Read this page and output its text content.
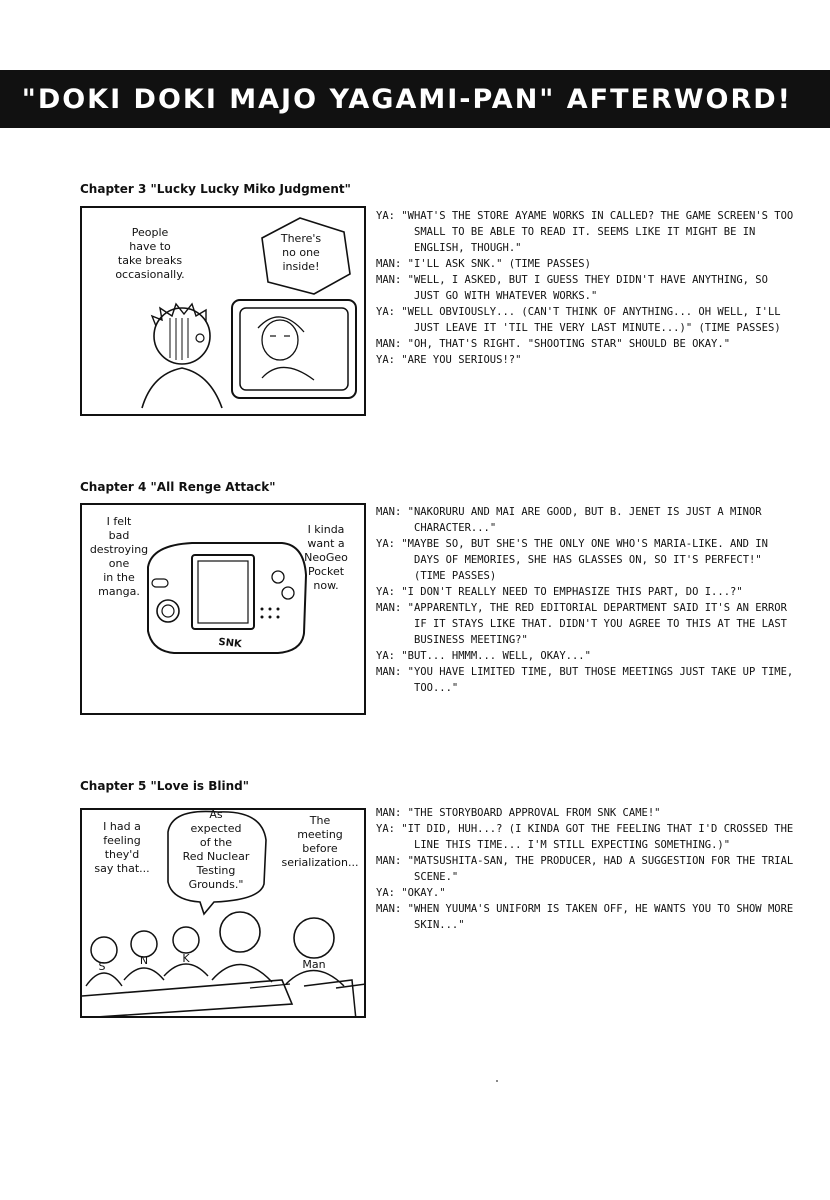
"DOKI DOKI MAJO YAGAMI-PAN" AFTERWORD!
Chapter 3 "Lucky Lucky Miko Judgment"
People
have to
take breaks
occasionally.
There's
no one
inside!
YA: "WHAT'S THE STORE AYAME WORKS IN CALLED? THE GAME SCREEN'S TOO SMALL TO BE ABLE TO READ IT. SEEMS LIKE IT MIGHT BE IN ENGLISH, THOUGH."
MAN: "I'LL ASK SNK." (TIME PASSES)
MAN: "WELL, I ASKED, BUT I GUESS THEY DIDN'T HAVE ANYTHING, SO JUST GO WITH WHATEVER WORKS."
YA: "WELL OBVIOUSLY... (CAN'T THINK OF ANYTHING... OH WELL, I'LL JUST LEAVE IT 'TIL THE VERY LAST MINUTE...)" (TIME PASSES)
MAN: "OH, THAT'S RIGHT. "SHOOTING STAR" SHOULD BE OKAY."
YA: "ARE YOU SERIOUS!?"
Chapter 4 "All Renge Attack"
I felt
bad
destroying
one
in the
manga.
I kinda
want a
NeoGeo
Pocket
now.
SNK
MAN: "NAKORURU AND MAI ARE GOOD, BUT B. JENET IS JUST A MINOR CHARACTER..."
YA: "MAYBE SO, BUT SHE'S THE ONLY ONE WHO'S MARIA-LIKE. AND IN DAYS OF MEMORIES, SHE HAS GLASSES ON, SO IT'S PERFECT!" (TIME PASSES)
YA: "I DON'T REALLY NEED TO EMPHASIZE THIS PART, DO I...?"
MAN: "APPARENTLY, THE RED EDITORIAL DEPARTMENT SAID IT'S AN ERROR IF IT STAYS LIKE THAT. DIDN'T YOU AGREE TO THIS AT THE LAST BUSINESS MEETING?"
YA: "BUT... HMMM... WELL, OKAY..."
MAN: "YOU HAVE LIMITED TIME, BUT THOSE MEETINGS JUST TAKE UP TIME, TOO..."
Chapter 5 "Love is Blind"
I had a
feeling
they'd
say that...
As
expected
of the
Red Nuclear
Testing
Grounds."
The
meeting
before
serialization...
S	N	K	Man
MAN: "THE STORYBOARD APPROVAL FROM SNK CAME!"
YA: "IT DID, HUH...? (I KINDA GOT THE FEELING THAT I'D CROSSED THE LINE THIS TIME... I'M STILL EXPECTING SOMETHING.)"
MAN: "MATSUSHITA-SAN, THE PRODUCER, HAD A SUGGESTION FOR THE TRIAL SCENE."
YA: "OKAY."
MAN: "WHEN YUUMA'S UNIFORM IS TAKEN OFF, HE WANTS YOU TO SHOW MORE SKIN..."
